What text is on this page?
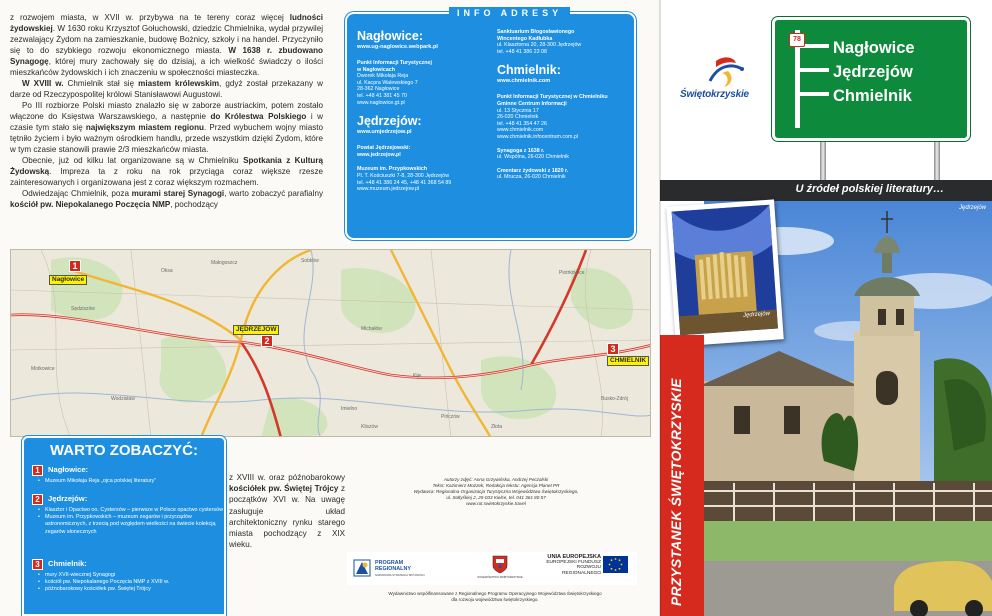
z rozwojem miasta, w XVII w. przybywa na te tereny coraz więcej ludności żydowskiej. W 1630 roku Krzysztof Gołuchowski, dziedzic Chmielnika, wydał przywilej zezwalający Żydom na zamieszkanie, budowę Bożnicy, szkoły i na handel. Przyczyniło się to do szybkiego rozwoju ekonomicznego miasta. W 1638 r. zbudowano Synagogę, której mury zachowały się do dzisiaj, a ich wielkość świadczy o ilości mieszkańców żydowskich i ich znaczeniu w społeczności miasteczka.

W XVIII w. Chmielnik stał się miastem królewskim, gdyż został przekazany w darze od Rzeczypospolitej królowi Stanisławowi Augustowi.

Po III rozbiorze Polski miasto znalazło się w zaborze austriackim, potem zostało włączone do Księstwa Warszawskiego, a następnie do Królestwa Polskiego i w czasie tym stało się największym miastem regionu. Przed wybuchem wojny miasto tętniło życiem i było ważnym ośrodkiem handlu, przede wszystkim dzięki Żydom, które w tym czasie stanowili prawie 2/3 mieszkańców miasta.

Obecnie, już od kilku lat organizowane są w Chmielniku Spotkania z Kulturą Żydowską. Impreza ta z roku na rok przyciąga coraz większe rzesze zainteresowanych i organizowana jest z coraz większym rozmachem.

Odwiedzając Chmielnik, poza murami starej Synagogi, warto zobaczyć parafialny kościół pw. Niepokalanego Poczęcia NMP, pochodzący

INFO ADRESY
Nagłowice:
www.ug-naglowice.webpark.pl
Punkt Informacji Turystycznej
w Nagłowicach
Dworek Mikołaja Reja
ul. Kacpra Walewskiego 7
28-362 Nagłowice
tel. +48 41 381 45 70
www.naglowice.gt.pl
Jędrzejów:
www.umjedrzejow.pl
Powiat Jędrzejowski:
www.jedrzejow.pl
Muzeum im. Przypkowskich
Pl. T. Kościuszki 7-8, 28-300 Jędrzejów
tel. +48 41 386 24 45, +48 41 368 54 89
www.muzeum.jedrzejow.pl
Sanktuarium Błogosławionego
Wincentego Kadłubka
ul. Klasztorna 20, 28-300 Jędrzejów
tel. +48 41 386 23 08
Chmielnik:
www.chmielnik.com
Punkt Informacji Turystycznej w Chmielniku
Gminne Centrum Informacji
ul. 13 Stycznia 17
26-020 Chmielnik
tel. +48 41 354 47 26
www.chmielnik.com
www.chmielnik.infocentrum.com.pl
Synagoga z 1638 r.
ul. Wspólna, 26-020 Chmielnik
Cmentarz żydowski z 1820 r.
ul. Mrucza, 26-020 Chmielnik
Sobków
Piotrkowice
Kije
Pińczów
Imielno
Oksa
Sędziszów
Małogoszcz
Wodzisław
Michałów
Busko-Zdrój
Złota
Motkowice
Kliszów
1
Nagłowice
JĘDRZEJÓW
2
3
CHMIELNIK
WARTO ZOBACZYĆ:
1	Nagłowice:
• Muzeum Mikołaja Reja „ojca polskiej literatury”
2	Jędrzejów:
• Klasztor i Opactwo oo. Cystersów – pierwsze w Polsce opactwo cystersów
• Muzeum im. Przypkowskich – muzeum zegarów i przyrządów astronomicznych, z trzecią pod względem wielkości na świecie kolekcją zegarów słonecznych
3	Chmielnik:
• mury XVII-wiecznej Synagogi
• kościół pw. Niepokalanego Poczęcia NMP z XVIII w.
• późnobarokowy kościółek pw. Świętej Trójcy
z XVIII w. oraz późnobarokowy kościółek pw. Świętej Trójcy z początków XVI w. Na uwagę zasługuje układ architektoniczny rynku starego miasta pochodzący z XIX wieku.
Autorzy zdjęć: Anna Grzywińska, Andrzej Peczalski
Tekst: Kazimierz Mozzek, Redakcja tekstu: Agencja Planet PR
Wydawca: Regionalna Organizacja Turystyczna Województwa Świętokrzyskiego,
ul. Sołtyśkiej 2, 25-033 Kielce, tel. 041 361 80 57
www.rot.swietokrzyskie.travel
PROGRAM
REGIONALNY
NARODOWA STRATEGIA SPÓJNOŚCI
WOJEWÓDZTWO ŚWIĘTOKRZYSKIE
UNIA EUROPEJSKA
EUROPEJSKI FUNDUSZ
ROZWOJU REGIONALNEGO
Wydawnictwo współfinansowane z Regionalnego Programu Operacyjnego Województwa Świętokrzyskiego
dla rozwoju województwa świętokrzyskiego.
Świętokrzyskie
78 Nagłowice
Jędrzejów
Chmielnik
U źródeł polskiej literatury…
Jędrzejów
Jędrzejów
PRZYSTANEK ŚWIĘTOKRZYSKIE
